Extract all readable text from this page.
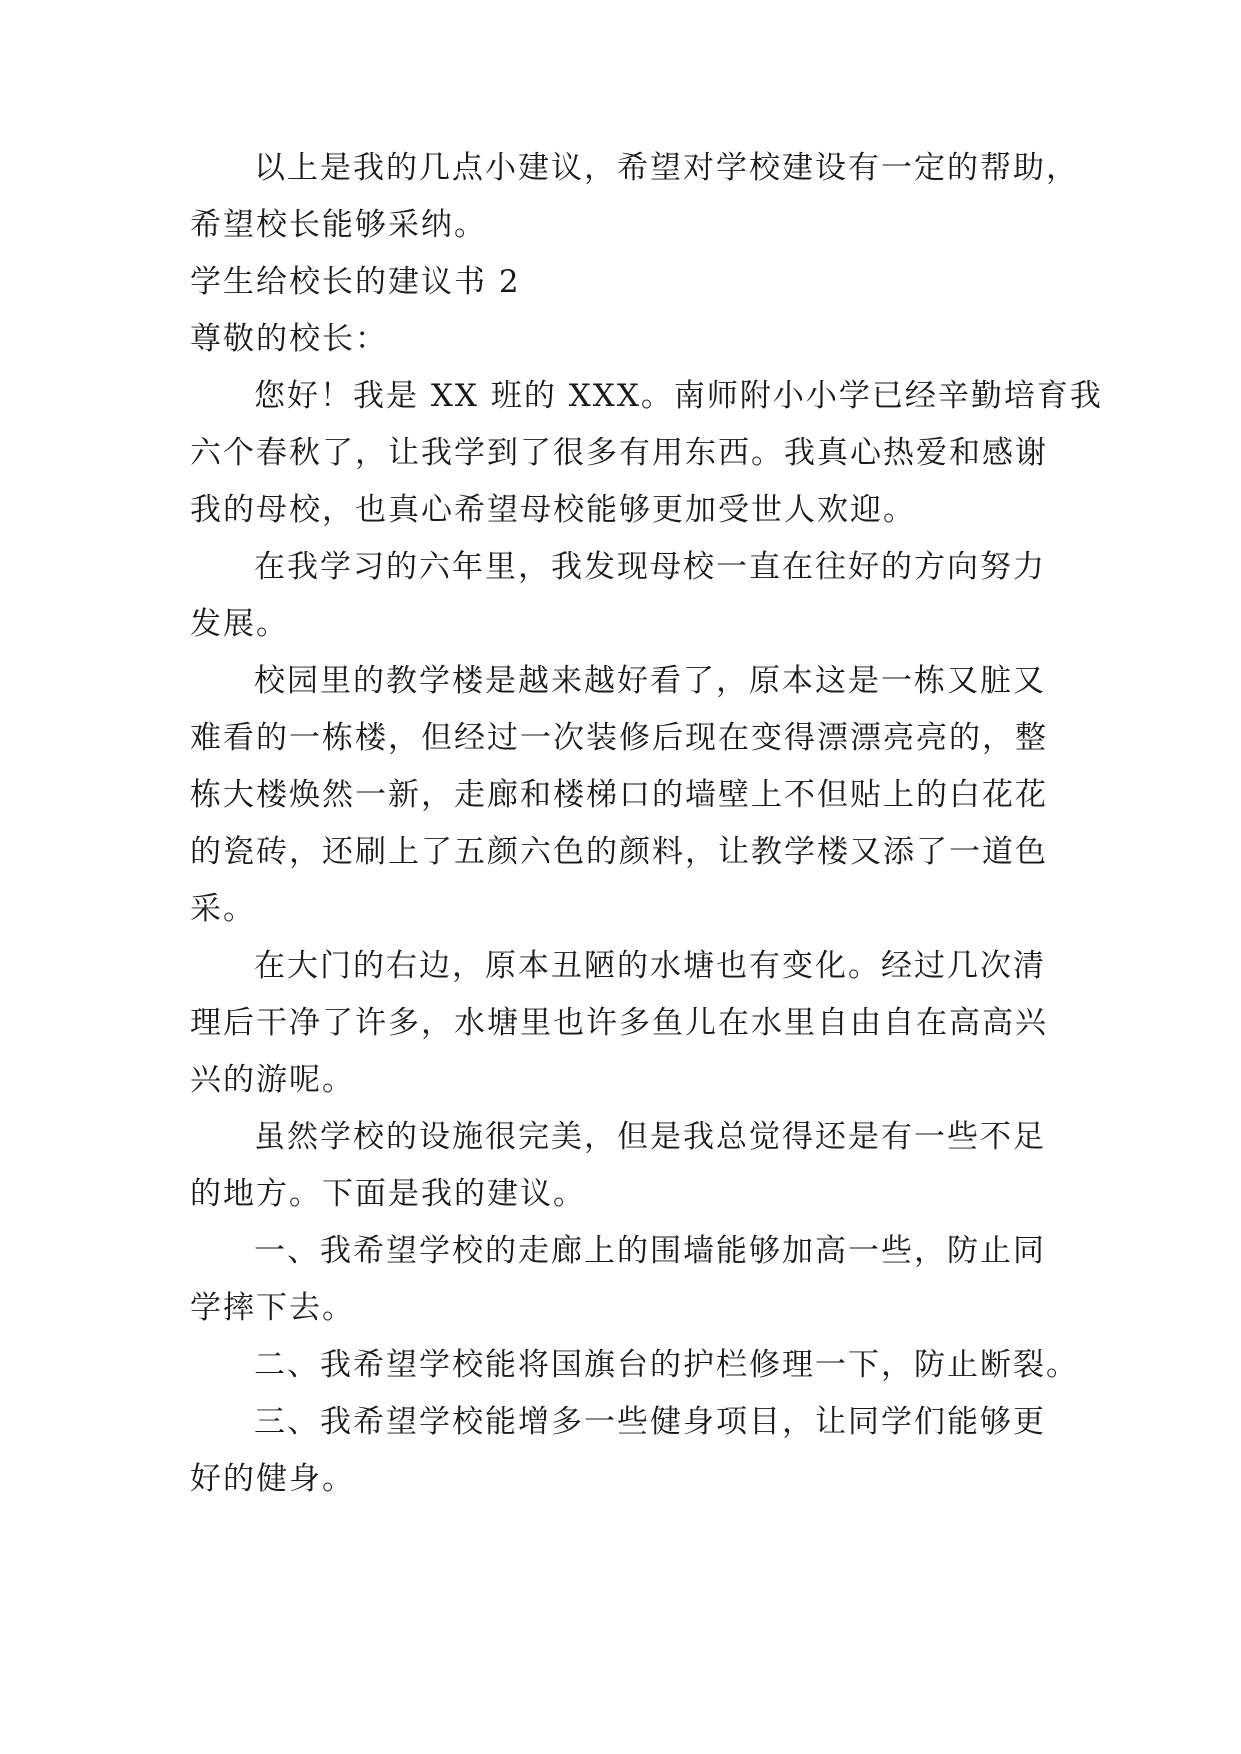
以上是我的几点小建议，希望对学校建设有一定的帮助，
希望校长能够采纳。
学生给校长的建议书 2
尊敬的校长：
您好！我是 XX 班的 XXX。南师附小小学已经辛勤培育我
六个春秋了，让我学到了很多有用东西。我真心热爱和感谢
我的母校，也真心希望母校能够更加受世人欢迎。
在我学习的六年里，我发现母校一直在往好的方向努力
发展。
校园里的教学楼是越来越好看了，原本这是一栋又脏又
难看的一栋楼，但经过一次装修后现在变得漂漂亮亮的，整
栋大楼焕然一新，走廊和楼梯口的墙壁上不但贴上的白花花
的瓷砖，还刷上了五颜六色的颜料，让教学楼又添了一道色
采。
在大门的右边，原本丑陋的水塘也有变化。经过几次清
理后干净了许多，水塘里也许多鱼儿在水里自由自在高高兴
兴的游呢。
虽然学校的设施很完美，但是我总觉得还是有一些不足
的地方。下面是我的建议。
一、我希望学校的走廊上的围墙能够加高一些，防止同
学摔下去。
二、我希望学校能将国旗台的护栏修理一下，防止断裂。
三、我希望学校能增多一些健身项目，让同学们能够更
好的健身。
